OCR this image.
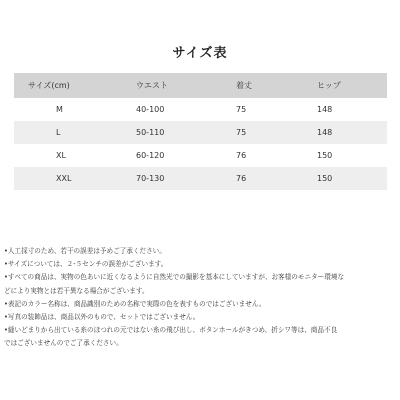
サイズ表
サイズ(cm)	ウエスト	着丈	ヒップ
M	40-100	75	148
L	50-110	75	148
XL	60-120	76	150
XXL	70-130	76	150
•人工採寸のため、若干の誤差は予めご了承ください。
•サイズについては、２-５センチの誤差がございます。
•すべての商品は、実物の色あいに近くなるように自然光での撮影を基本にしていますが、お客様のモニター環境な
どにより実物とは若干異なる場合がございます。
•表記のカラー名称は、商品識別のための名称で実際の色を表すものではございません。
•写真の装飾品は、商品以外のもので、セットではございません。
•縫いどまりから出ている糸のほつれの元ではない糸の飛び出し、ボタンホールがきつめ、折シワ等は、商品不良
ではございませんのでご了承ください。
